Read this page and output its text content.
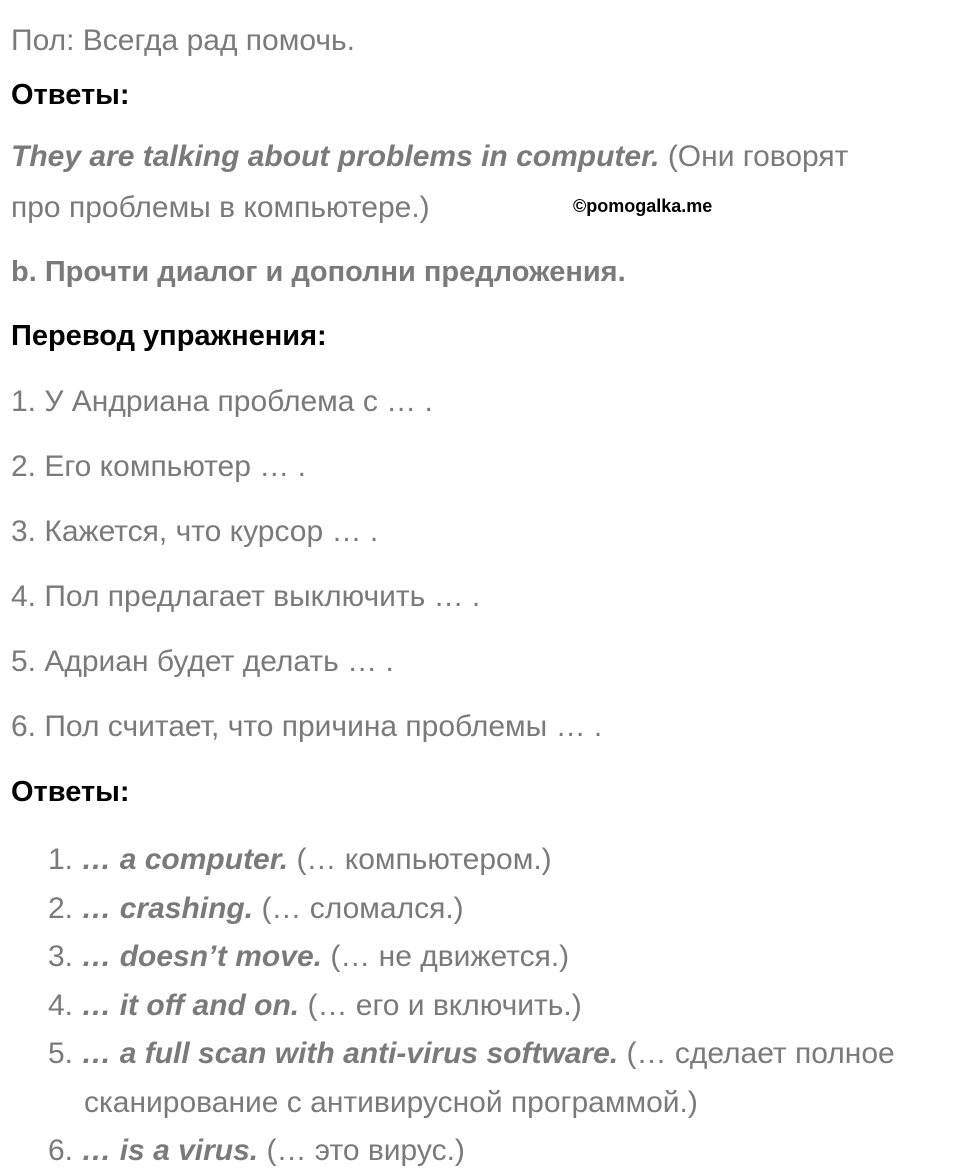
Пол: Всегда рад помочь.
Ответы:
They are talking about problems in computer. (Они говорят
про проблемы в компьютере.)	©pomogalka.me
b. Прочти диалог и дополни предложения.
Перевод упражнения:
1. У Андриана проблема с … .
2. Его компьютер … .
3. Кажется, что курсор … .
4. Пол предлагает выключить … .
5. Адриан будет делать … .
6. Пол считает, что причина проблемы … .
Ответы:
1. … a computer. (… компьютером.)
2. … crashing. (… сломался.)
3. … doesn’t move. (… не движется.)
4. … it off and on. (… его и включить.)
5. … a full scan with anti-virus software. (… сделает полное
сканирование с антивирусной программой.)
6. … is a virus. (… это вирус.)
